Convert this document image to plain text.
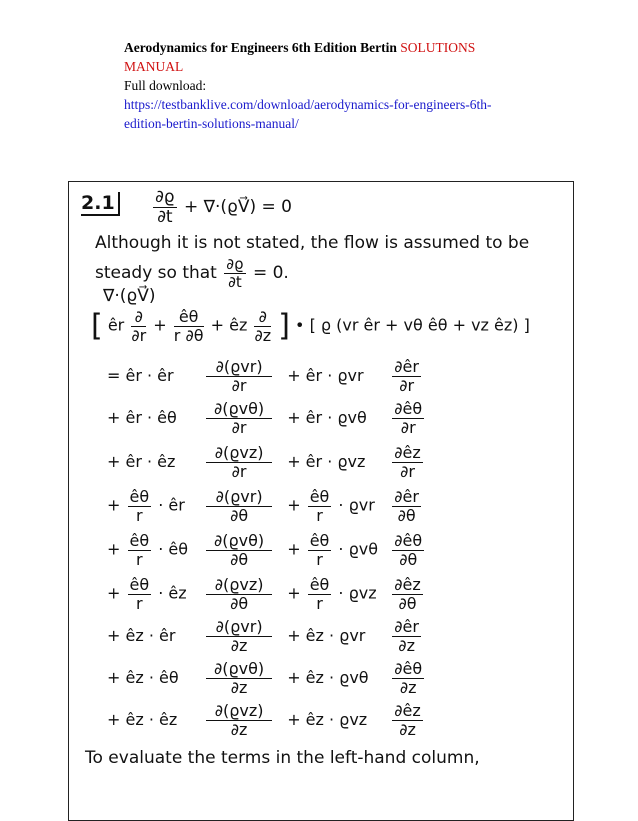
Aerodynamics for Engineers 6th Edition Bertin SOLUTIONS
MANUAL
Full download:
https://testbanklive.com/download/aerodynamics-for-engineers-6th-
edition-bertin-solutions-manual/
$2.1 \frac{\partial ϱ}{\partial t}$ + ∇·(ϱV⃗) = 0
Although it is not stated, the flow is assumed to be
steady so that $\frac{\partial ϱ}{\partial t} = 0$.
∇·(ϱV⃗)
[ êr $\frac{\partial}{\partial r} + \frac{ê\theta}{r \partial\theta}$ + êz $\frac{\partial}{\partial z}$ ] • [ ϱ (vr êr + vθ êθ + vz êz) ]
= êr · êr $\frac{\text{∂(ϱvr)}}{\partial r}$ + êr · ϱvr $\frac{\partial êr}{\partial r}$
+ êr · êθ $\frac{\text{∂(ϱvθ)}}{\partial r}$ + êr · ϱvθ $\frac{\partial ê\theta}{\partial r}$
+ êr · êz $\frac{\text{∂(ϱvz)}}{\partial r}$ + êr · ϱvz $\frac{\partial êz}{\partial r}$
+ $\frac{ê\theta}{r}$ · êr $\frac{\text{∂(ϱvr)}}{\partial\theta} + \frac{ê\theta}{r} \cdot ϱvr \frac{\partial êr}{\partial\theta}$
+ $\frac{ê\theta}{r}$ · êθ $\frac{\text{∂(ϱvθ)}}{\partial\theta} + \frac{ê\theta}{r} \cdot ϱv\theta \frac{\partial ê\theta}{\partial\theta}$
+ $\frac{ê\theta}{r}$ · êz $\frac{\text{∂(ϱvz)}}{\partial\theta} + \frac{ê\theta}{r} \cdot ϱvz \frac{\partial êz}{\partial\theta}$
+ êz · êr $\frac{\text{∂(ϱvr)}}{\partial z}$ + êz · ϱvr $\frac{\partial êr}{\partial z}$
+ êz · êθ $\frac{\text{∂(ϱvθ)}}{\partial z}$ + êz · ϱvθ $\frac{\partial ê\theta}{\partial z}$
+ êz · êz $\frac{\text{∂(ϱvz)}}{\partial z}$ + êz · ϱvz $\frac{\partial êz}{\partial z}$
To evaluate the terms in the left-hand column,
